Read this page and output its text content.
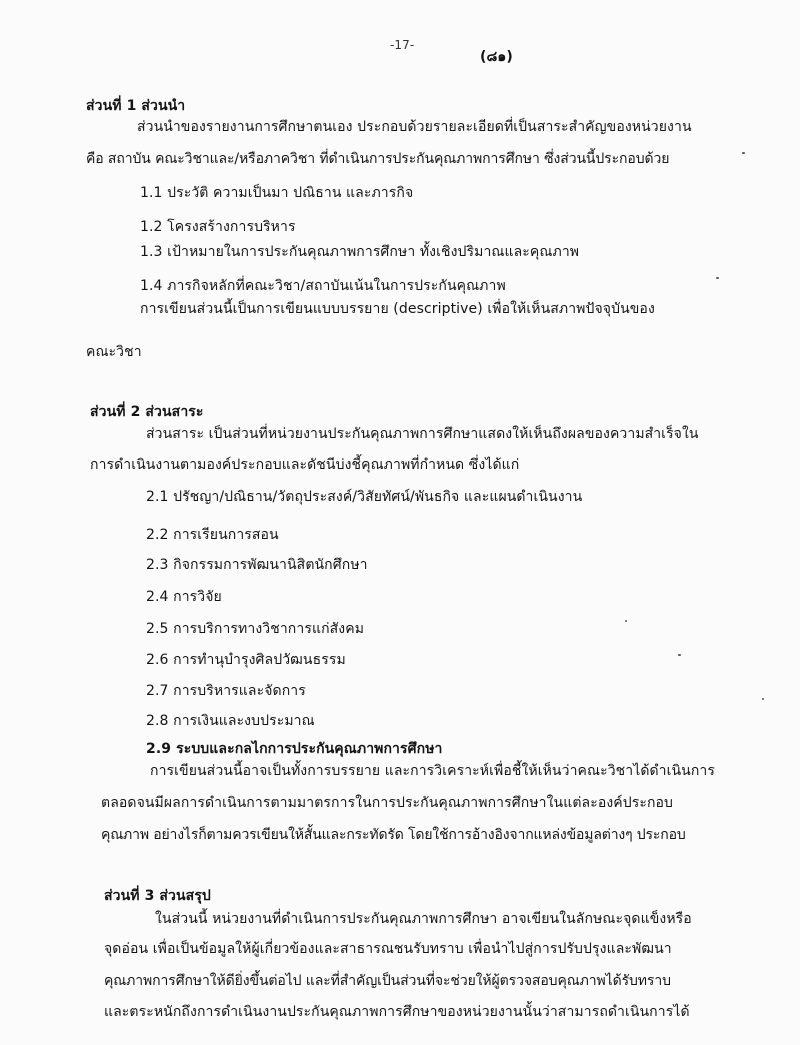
-17-
(๘๑)
ส่วนที่ 1 ส่วนนำ
ส่วนนำของรายงานการศึกษาตนเอง ประกอบด้วยรายละเอียดที่เป็นสาระสำคัญของหน่วยงาน
คือ สถาบัน คณะวิชาและ/หรือภาควิชา ที่ดำเนินการประกันคุณภาพการศึกษา ซึ่งส่วนนี้ประกอบด้วย
1.1 ประวัติ ความเป็นมา ปณิธาน และภารกิจ
1.2 โครงสร้างการบริหาร
1.3 เป้าหมายในการประกันคุณภาพการศึกษา ทั้งเชิงปริมาณและคุณภาพ
1.4 ภารกิจหลักที่คณะวิชา/สถาบันเน้นในการประกันคุณภาพ
การเขียนส่วนนี้เป็นการเขียนแบบบรรยาย (descriptive) เพื่อให้เห็นสภาพปัจจุบันของ
คณะวิชา
ส่วนที่ 2 ส่วนสาระ
ส่วนสาระ เป็นส่วนที่หน่วยงานประกันคุณภาพการศึกษาแสดงให้เห็นถึงผลของความสำเร็จใน
การดำเนินงานตามองค์ประกอบและดัชนีบ่งชี้คุณภาพที่กำหนด ซึ่งได้แก่
2.1 ปรัชญา/ปณิธาน/วัตถุประสงค์/วิสัยทัศน์/พันธกิจ และแผนดำเนินงาน
2.2 การเรียนการสอน
2.3 กิจกรรมการพัฒนานิสิตนักศึกษา
2.4 การวิจัย
2.5 การบริการทางวิชาการแก่สังคม
2.6 การทำนุบำรุงศิลปวัฒนธรรม
2.7 การบริหารและจัดการ
2.8 การเงินและงบประมาณ
2.9 ระบบและกลไกการประกันคุณภาพการศึกษา
การเขียนส่วนนี้อาจเป็นทั้งการบรรยาย และการวิเคราะห์เพื่อชี้ให้เห็นว่าคณะวิชาได้ดำเนินการ
ตลอดจนมีผลการดำเนินการตามมาตรการในการประกันคุณภาพการศึกษาในแต่ละองค์ประกอบ
คุณภาพ อย่างไรก็ตามควรเขียนให้สั้นและกระทัดรัด โดยใช้การอ้างอิงจากแหล่งข้อมูลต่างๆ ประกอบ
ส่วนที่ 3 ส่วนสรุป
ในส่วนนี้ หน่วยงานที่ดำเนินการประกันคุณภาพการศึกษา อาจเขียนในลักษณะจุดแข็งหรือ
จุดอ่อน เพื่อเป็นข้อมูลให้ผู้เกี่ยวข้องและสาธารณชนรับทราบ เพื่อนำไปสู่การปรับปรุงและพัฒนา
คุณภาพการศึกษาให้ดียิ่งขึ้นต่อไป และที่สำคัญเป็นส่วนที่จะช่วยให้ผู้ตรวจสอบคุณภาพได้รับทราบ
และตระหนักถึงการดำเนินงานประกันคุณภาพการศึกษาของหน่วยงานนั้นว่าสามารถดำเนินการได้
